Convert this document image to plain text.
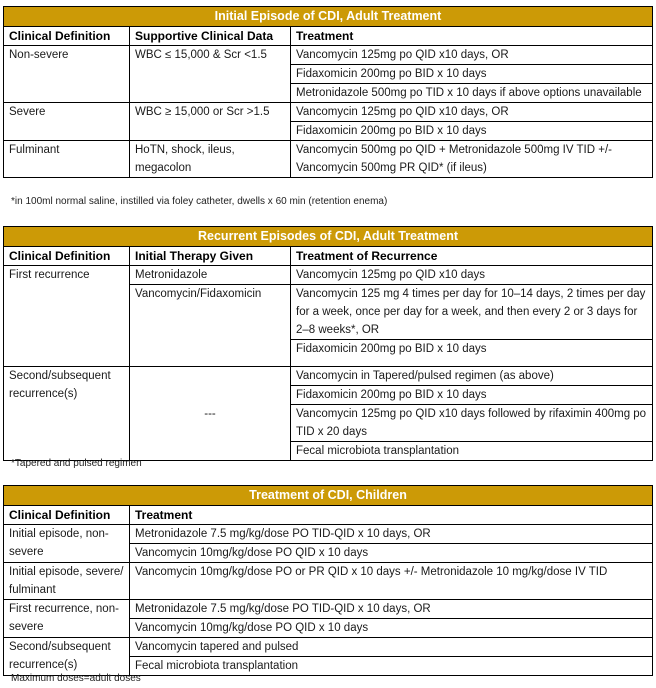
Initial Episode of CDI, Adult Treatment		
Clinical Definition	Supportive Clinical Data	Treatment
Non-severe	WBC ≤ 15,000 & Scr <1.5	Vancomycin 125mg po QID x10 days, OR
		Fidaxomicin 200mg po BID x 10 days
		Metronidazole 500mg po TID x 10 days if above options unavailable
Severe	WBC ≥ 15,000 or Scr >1.5	Vancomycin 125mg po QID x10 days, OR
		Fidaxomicin 200mg po BID x 10 days
Fulminant	HoTN, shock, ileus, megacolon	Vancomycin 500mg po QID + Metronidazole 500mg IV TID +/- Vancomycin 500mg PR QID* (if ileus)
*in 100ml normal saline, instilled via foley catheter, dwells x 60 min (retention enema)
Recurrent Episodes of CDI, Adult Treatment		
Clinical Definition	Initial Therapy Given	Treatment of Recurrence
First recurrence	Metronidazole	Vancomycin 125mg po QID x10 days
	Vancomycin/Fidaxomicin	Vancomycin 125 mg 4 times per day for 10–14 days, 2 times per day for a week, once per day for a week, and then every 2 or 3 days for 2–8 weeks*, OR
		Fidaxomicin 200mg po BID x 10 days
Second/subsequent recurrence(s)	---	Vancomycin in Tapered/pulsed regimen (as above)
		Fidaxomicin 200mg po BID x 10 days
		Vancomycin 125mg po QID x10 days followed by rifaximin 400mg po TID x 20 days
		Fecal microbiota transplantation
*Tapered and pulsed regimen
Treatment of CDI, Children	
Clinical Definition	Treatment
Initial episode, non-severe	Metronidazole 7.5 mg/kg/dose PO TID-QID x 10 days, OR
	Vancomycin 10mg/kg/dose PO QID x 10 days
Initial episode, severe/ fulminant	Vancomycin 10mg/kg/dose PO or PR QID x 10 days +/- Metronidazole 10 mg/kg/dose IV TID
First recurrence, non-severe	Metronidazole 7.5 mg/kg/dose PO TID-QID x 10 days, OR
	Vancomycin 10mg/kg/dose PO QID x 10 days
Second/subsequent recurrence(s)	Vancomycin tapered and pulsed
	Fecal microbiota transplantation
Maximum doses=adult doses
